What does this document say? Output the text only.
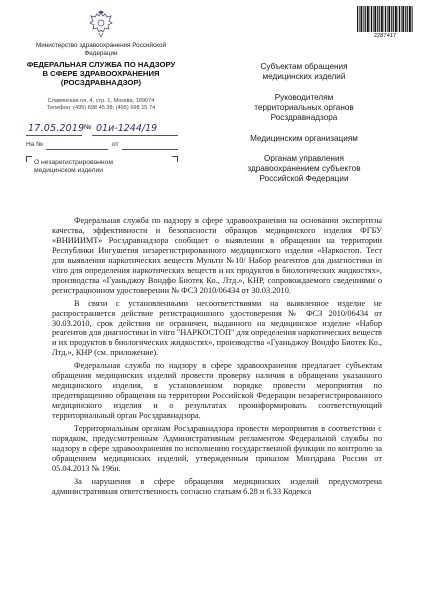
Министерство здравоохранения Российской Федерации
ФЕДЕРАЛЬНАЯ СЛУЖБА ПО НАДЗОРУ
В СФЕРЕ ЗДРАВООХРАНЕНИЯ
(РОСЗДРАВНАДЗОР)
Славянская пл. 4, стр. 1, Москва, 109074
Телефон: (495) 698 45 38; (495) 698 15 74
17.05.2019 № 01и-1244/19
На №	от
О незарегистрированном
медицинском изделии
2287417
Субъектам обращения
медицинских изделий
Руководителям
территориальных органов
Росздравнадзора
Медицинским организациям
Органам управления
здравоохранением субъектов
Российской Федерации

Федеральная служба по надзору в сфере здравоохранения на основании экспертизы качества, эффективности и безопасности образцов медицинского изделия ФГБУ «ВНИИИМТ» Росздравнадзора сообщает о выявлении в обращении на территории Республики Ингушетия незарегистрированного медицинского изделия «Наркостоп. Тест для выявления наркотических веществ Мульти №10/ Набор реагентов для диагностики in vitro для определения наркотических веществ и их продуктов в биологических жидкостях», производства «Гуаньджоу Вондфо Биотек Ко., Лтд.», КНР, сопровождаемого сведениями о регистрационном удостоверении № ФСЗ 2010/06434 от 30.03.2010.

В связи с установленными несоответствиями на выявленное изделие не распространяется действие регистрационного удостоверения № ФСЗ 2010/06434 от 30.03.2010, срок действия не ограничен, выданного на медицинское изделие «Набор реагентов для диагностики in vitro "НАРКОСТОП" для определения наркотических веществ и их продуктов в биологических жидкостях», производства «Гуаньджоу Вондфо Биотек Ко., Лтд.», КНР (см. приложение).

Федеральная служба по надзору в сфере здравоохранения предлагает субъектам обращения медицинских изделий провести проверку наличия в обращении указанного медицинского изделия, в установленном порядке провести мероприятия по предотвращению обращения на территории Российской Федерации незарегистрированного медицинского изделия и о результатах проинформировать соответствующий территориальный орган Росздравнадзора.

Территориальным органам Росздравнадзора провести мероприятия в соответствии с порядком, предусмотренным Административным регламентом Федеральной службы по надзору в сфере здравоохранения по исполнению государственной функции по контролю за обращением медицинских изделий, утвержденным приказом Минздрава России от 05.04.2013 № 196н.

За нарушения в сфере обращения медицинских изделий предусмотрена административная ответственность согласно статьям 6.28 и 6.33 Кодекса
